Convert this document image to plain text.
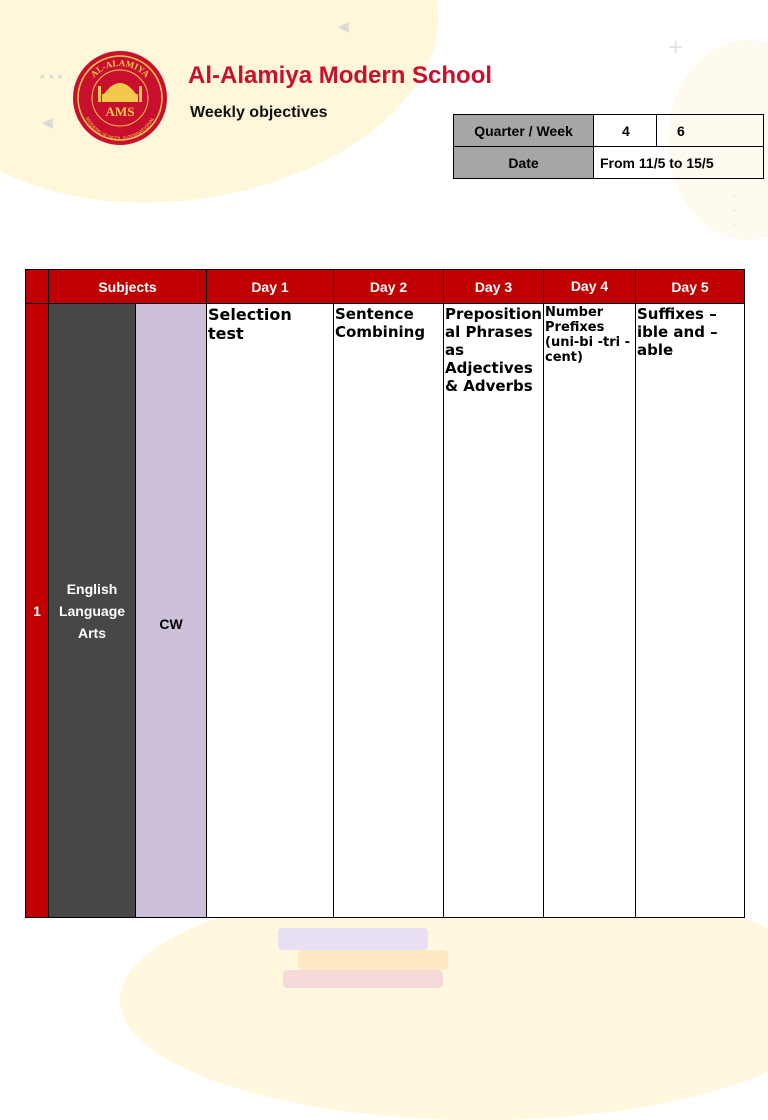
• • •
◀
◀
+
·
·
·
AL-ALAMIYA
MODERN SCHOOL INTERNATIONAL
AMS
Al-Alamiya Modern School
Weekly objectives
Quarter / Week	4	6
Date	From 11/5 to 15/5	
	Subjects		Day 1	Day 2	Day 3	Day 4	Day 5
1	English Language Arts	CW	Selection test	Sentence Combining	Preposition al Phrases as Adjectives & Adverbs	Number Prefixes (uni-bi -tri -cent)	Suffixes –ible and –able
